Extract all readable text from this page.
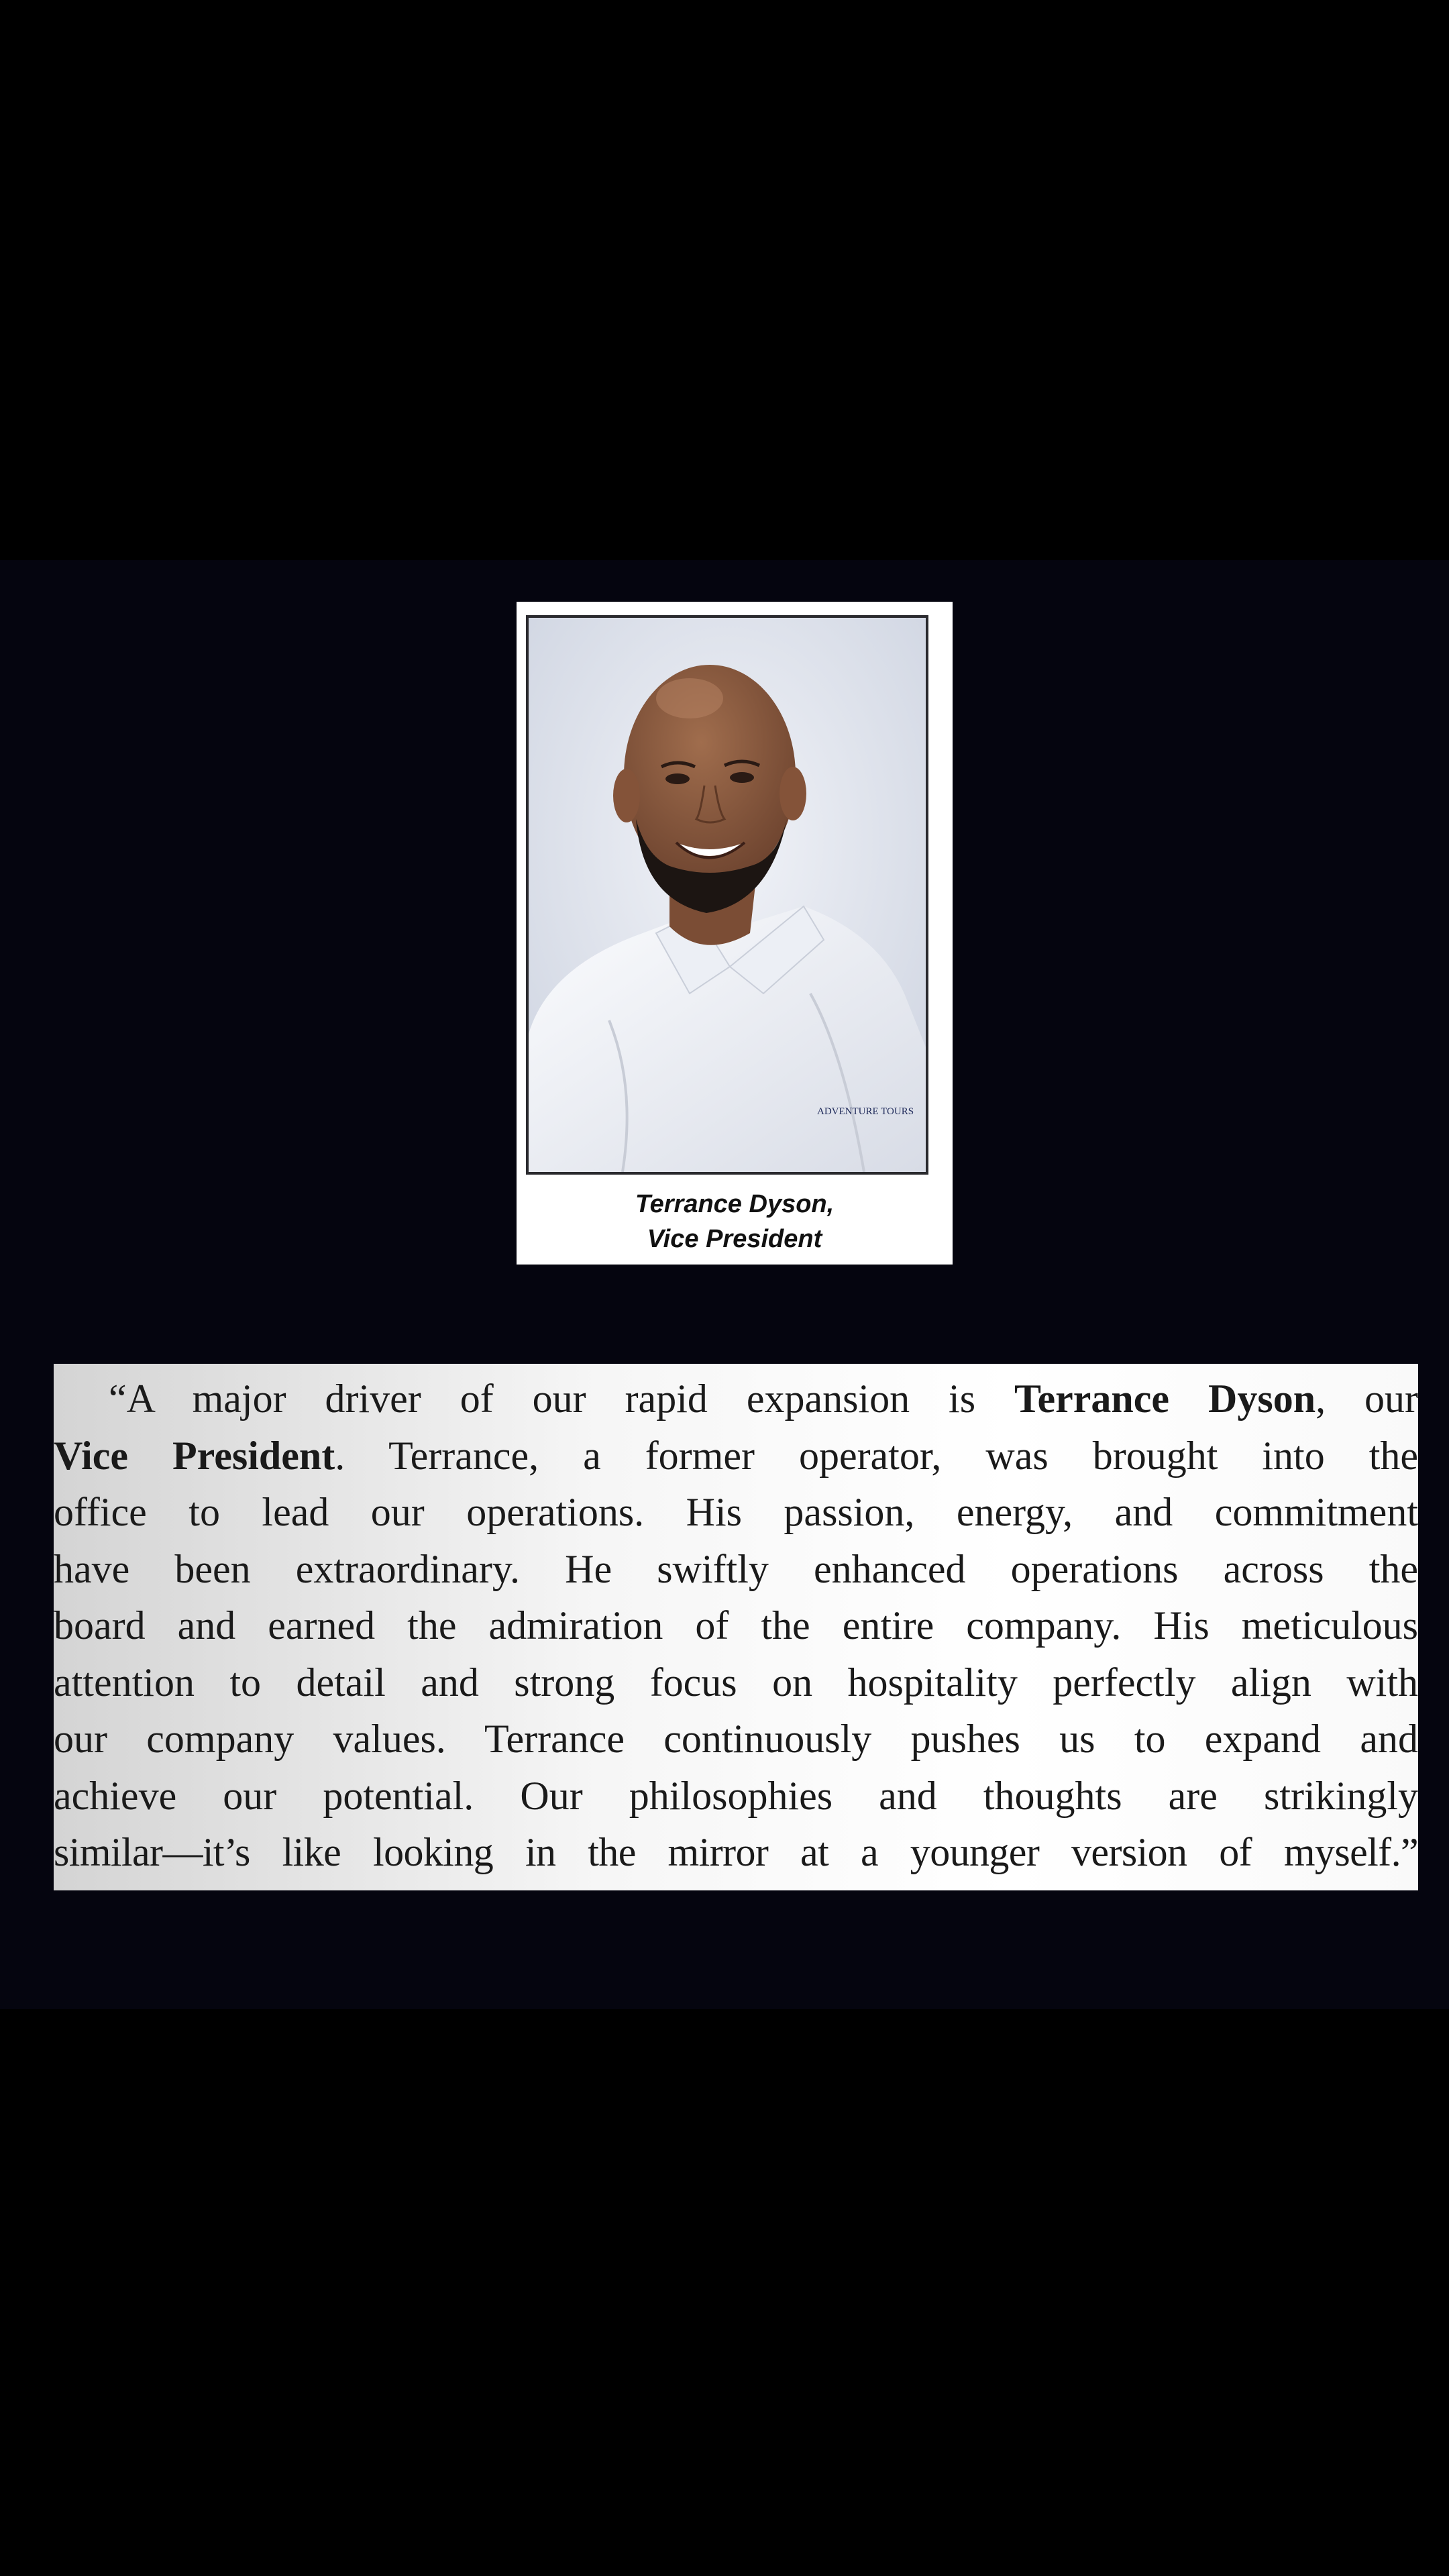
ADVENTURE TOURS
Terrance Dyson,
Vice President

“A major driver of our rapid expansion is Terrance Dyson, our
Vice President. Terrance, a former operator, was brought into the
office to lead our operations. His passion, energy, and commitment
have been extraordinary. He swiftly enhanced operations across the
board and earned the admiration of the entire company. His meticulous
attention to detail and strong focus on hospitality perfectly align with
our company values. Terrance continuously pushes us to expand and
achieve our potential. Our philosophies and thoughts are strikingly
similar—it’s like looking in the mirror at a younger version of myself.”
